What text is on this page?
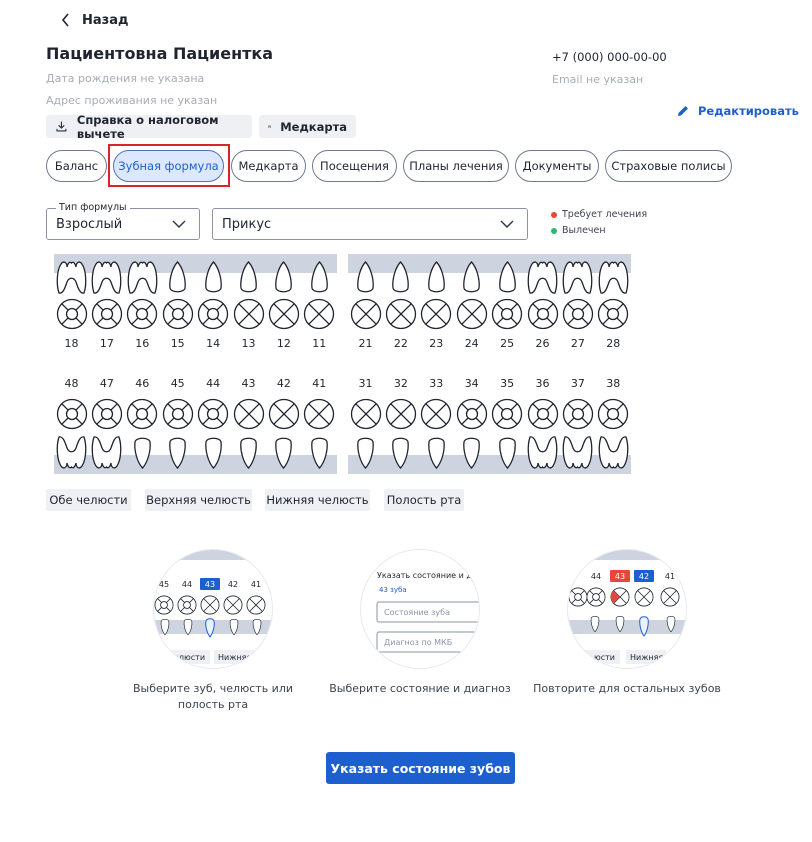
Назад
Пациентовна Пациентка
Дата рождения не указана
Адрес проживания не указан
+7 (000) 000-00-00
Email не указан
Справка о налоговом вычете	Медкарта
Редактировать
Баланс Зубная формула Медкарта Посещения Планы лечения Документы Страховые полисы
Взрослый
Тип формулы
Прикус
Требует лечения
Вылечен
18
48
17
47
16
46
15
45
14
44
13
43
12
42
11
41
21
31
22
32
23
33
24
34
25
35
26
36
27
37
28
38
Обе челюсти Верхняя челюсть Нижняя челюсть Полость рта
45 44 43 42 41
елюсти Нижняя
Выберите зуб, челюсть или полость рта
Указать состояние и ди
43 зуба
Состояние зуба
Диагноз по МКБ
Выберите состояние и диагноз
44 43 42 41
юсти Нижняя
Повторите для остальных зубов
Указать состояние зубов
